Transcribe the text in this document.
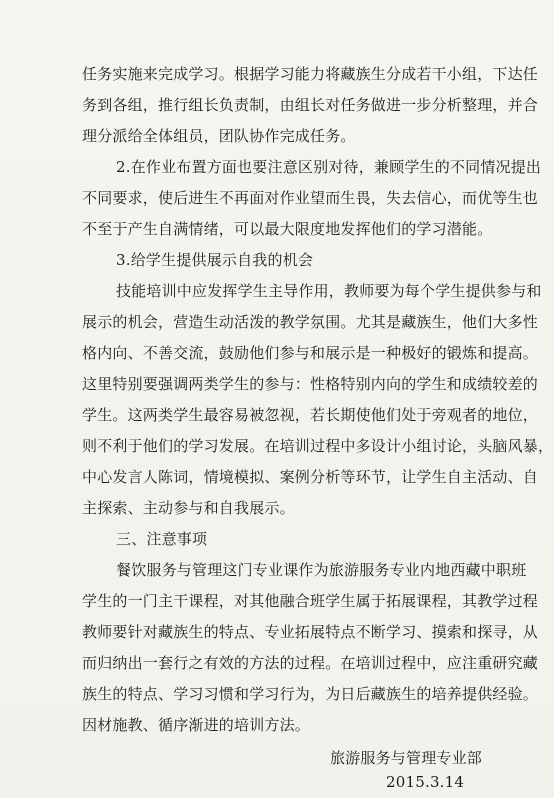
任务实施来完成学习。根据学习能力将藏族生分成若干小组，下达任
务到各组，推行组长负责制，由组长对任务做进一步分析整理，并合
理分派给全体组员，团队协作完成任务。
2.在作业布置方面也要注意区别对待，兼顾学生的不同情况提出
不同要求，使后进生不再面对作业望而生畏，失去信心，而优等生也
不至于产生自满情绪，可以最大限度地发挥他们的学习潜能。
3.给学生提供展示自我的机会
技能培训中应发挥学生主导作用，教师要为每个学生提供参与和
展示的机会，营造生动活泼的教学氛围。尤其是藏族生，他们大多性
格内向、不善交流，鼓励他们参与和展示是一种极好的锻炼和提高。
这里特别要强调两类学生的参与：性格特别内向的学生和成绩较差的
学生。这两类学生最容易被忽视，若长期使他们处于旁观者的地位，
则不利于他们的学习发展。在培训过程中多设计小组讨论，头脑风暴，
中心发言人陈词，情境模拟、案例分析等环节，让学生自主活动、自
主探索、主动参与和自我展示。
三、注意事项
餐饮服务与管理这门专业课作为旅游服务专业内地西藏中职班
学生的一门主干课程，对其他融合班学生属于拓展课程，其教学过程
教师要针对藏族生的特点、专业拓展特点不断学习、摸索和探寻，从
而归纳出一套行之有效的方法的过程。在培训过程中，应注重研究藏
族生的特点、学习习惯和学习行为，为日后藏族生的培养提供经验。
因材施教、循序渐进的培训方法。
旅游服务与管理专业部
2015.3.14
